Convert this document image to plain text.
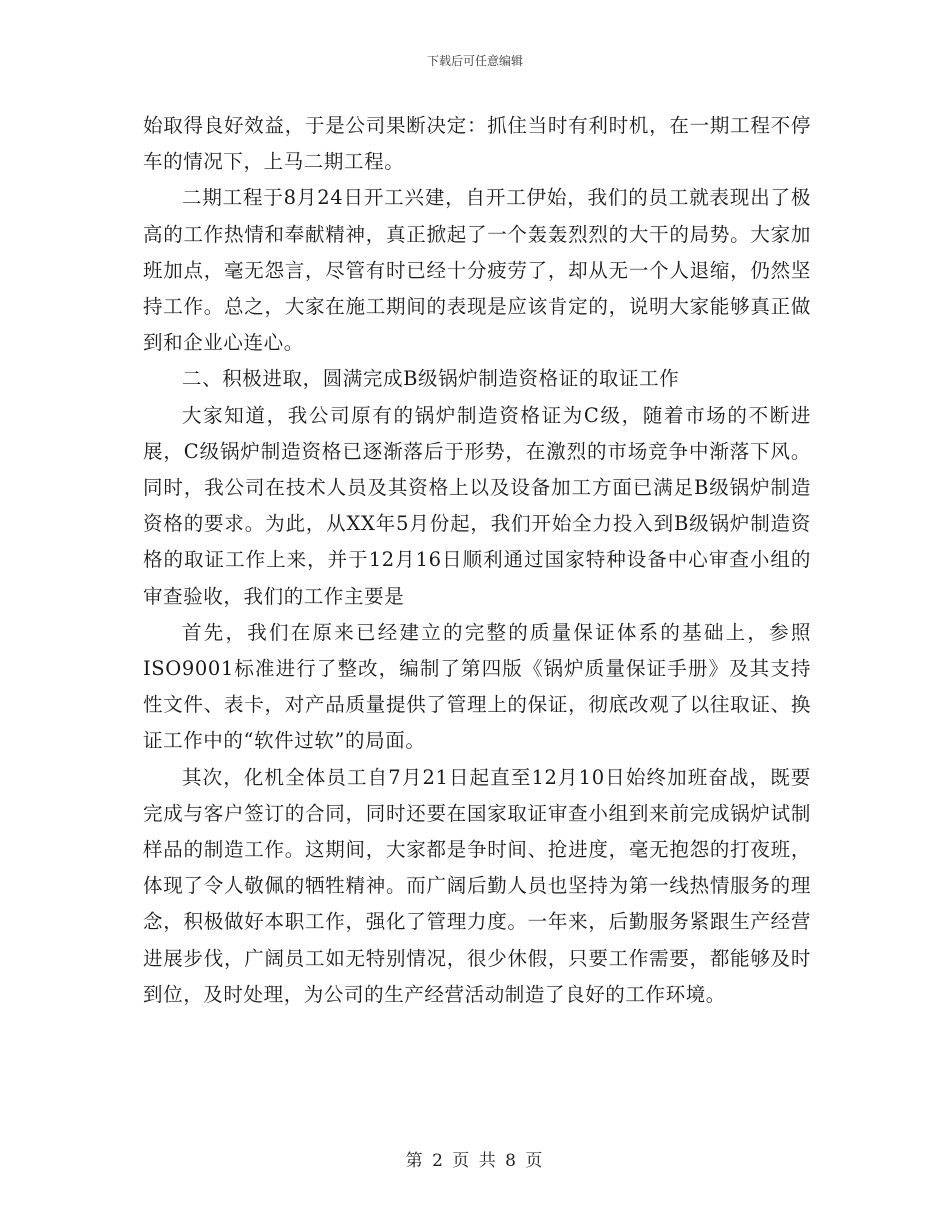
下载后可任意编辑

始取得良好效益，于是公司果断决定：抓住当时有利时机，在一期工程不停车的情况下，上马二期工程。

二期工程于8月24日开工兴建，自开工伊始，我们的员工就表现出了极高的工作热情和奉献精神，真正掀起了一个轰轰烈烈的大干的局势。大家加班加点，毫无怨言，尽管有时已经十分疲劳了，却从无一个人退缩，仍然坚持工作。总之，大家在施工期间的表现是应该肯定的，说明大家能够真正做到和企业心连心。

二、积极进取，圆满完成B级锅炉制造资格证的取证工作

大家知道，我公司原有的锅炉制造资格证为C级，随着市场的不断进展，C级锅炉制造资格已逐渐落后于形势，在激烈的市场竞争中渐落下风。同时，我公司在技术人员及其资格上以及设备加工方面已满足B级锅炉制造资格的要求。为此，从XX年5月份起，我们开始全力投入到B级锅炉制造资格的取证工作上来，并于12月16日顺利通过国家特种设备中心审查小组的审查验收，我们的工作主要是

首先，我们在原来已经建立的完整的质量保证体系的基础上，参照ISO9001标准进行了整改，编制了第四版《锅炉质量保证手册》及其支持性文件、表卡，对产品质量提供了管理上的保证，彻底改观了以往取证、换证工作中的“软件过软”的局面。

其次，化机全体员工自7月21日起直至12月10日始终加班奋战，既要完成与客户签订的合同，同时还要在国家取证审查小组到来前完成锅炉试制样品的制造工作。这期间，大家都是争时间、抢进度，毫无抱怨的打夜班，体现了令人敬佩的牺牲精神。而广阔后勤人员也坚持为第一线热情服务的理念，积极做好本职工作，强化了管理力度。一年来，后勤服务紧跟生产经营进展步伐，广阔员工如无特别情况，很少休假，只要工作需要，都能够及时到位，及时处理，为公司的生产经营活动制造了良好的工作环境。

第 2 页 共 8 页
